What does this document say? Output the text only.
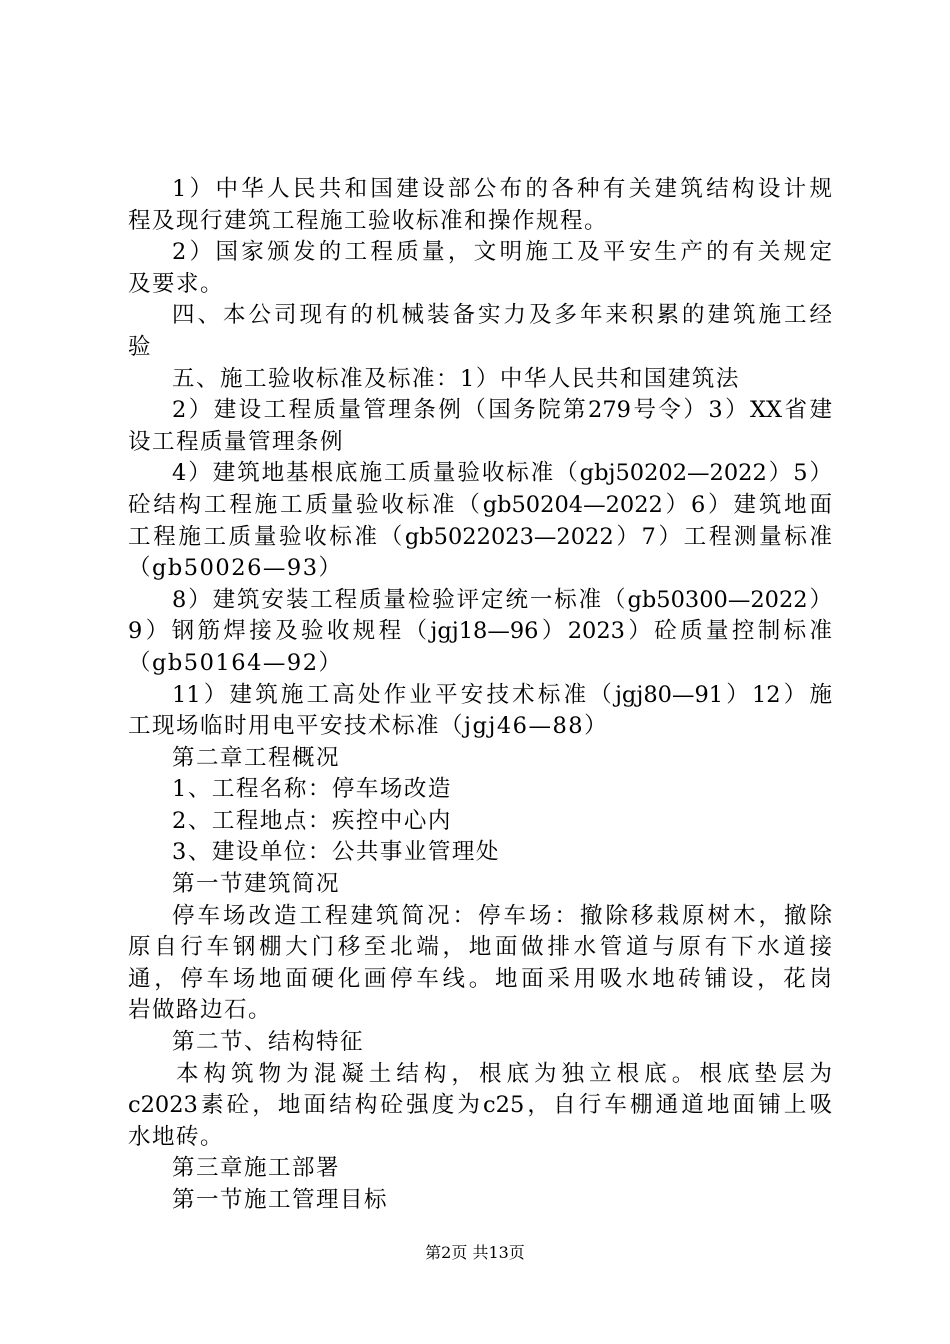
1）中华人民共和国建设部公布的各种有关建筑结构设计规
程及现行建筑工程施工验收标准和操作规程。
2）国家颁发的工程质量，文明施工及平安生产的有关规定
及要求。
四、本公司现有的机械装备实力及多年来积累的建筑施工经
验
五、施工验收标准及标准：1）中华人民共和国建筑法
2）建设工程质量管理条例（国务院第279号令）3）XX省建
设工程质量管理条例
4）建筑地基根底施工质量验收标准（gbj50202—2022）5）
砼结构工程施工质量验收标准（gb50204—2022）6）建筑地面
工程施工质量验收标准（gb5022023—2022）7）工程测量标准
（gb50026—93）
8）建筑安装工程质量检验评定统一标准（gb50300—2022）
9）钢筋焊接及验收规程（jgj18—96）2023）砼质量控制标准
（gb50164—92）
11）建筑施工高处作业平安技术标准（jgj80—91）12）施
工现场临时用电平安技术标准（jgj46—88）
第二章工程概况
1、工程名称：停车场改造
2、工程地点：疾控中心内
3、建设单位：公共事业管理处
第一节建筑简况
停车场改造工程建筑简况：停车场：撤除移栽原树木，撤除
原自行车钢棚大门移至北端，地面做排水管道与原有下水道接
通，停车场地面硬化画停车线。地面采用吸水地砖铺设，花岗
岩做路边石。
第二节、结构特征
本构筑物为混凝土结构，根底为独立根底。根底垫层为
c2023素砼，地面结构砼强度为c25，自行车棚通道地面铺上吸
水地砖。
第三章施工部署
第一节施工管理目标
第2页 共13页
